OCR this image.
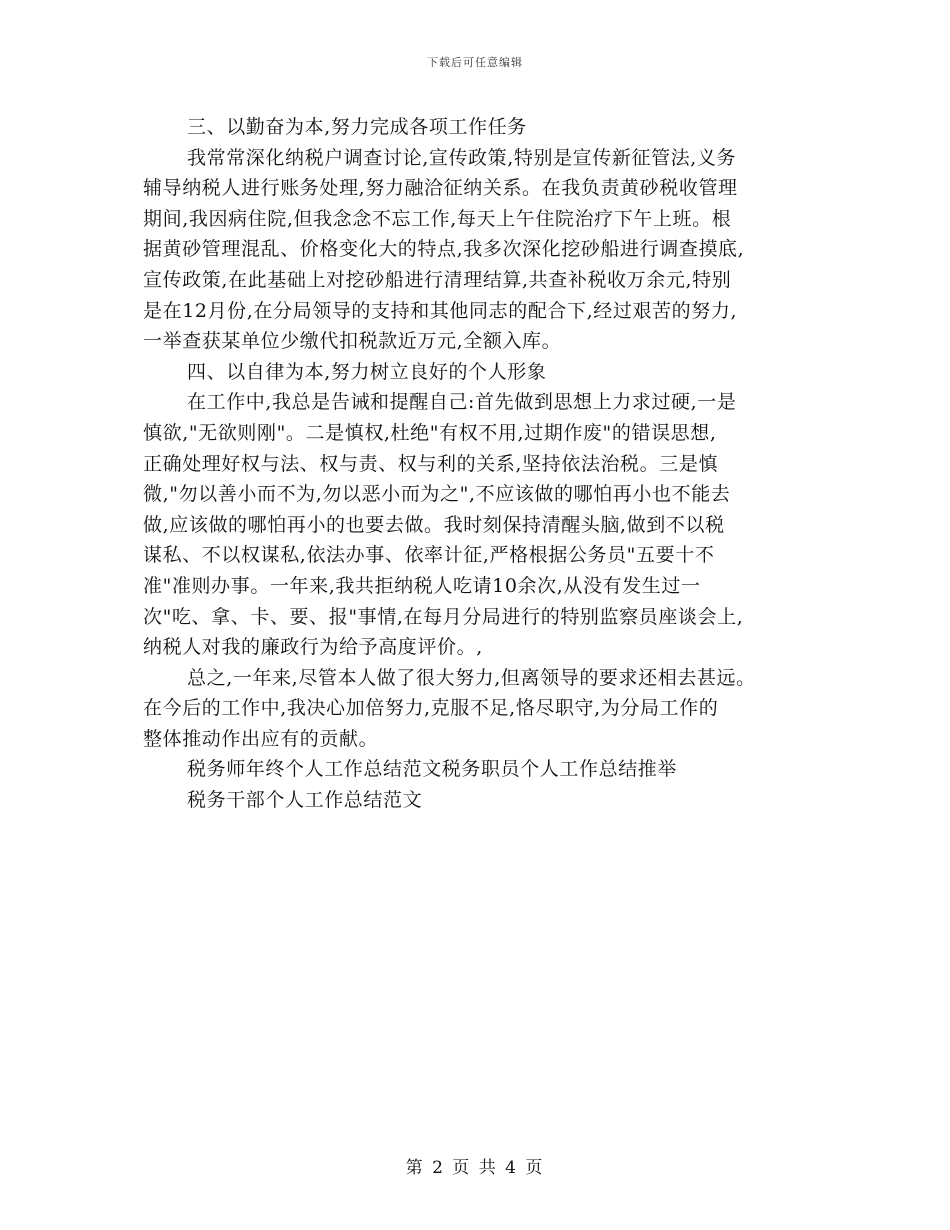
下载后可任意编辑
三、以勤奋为本,努力完成各项工作任务
我常常深化纳税户调查讨论,宣传政策,特别是宣传新征管法,义务
辅导纳税人进行账务处理,努力融洽征纳关系。在我负责黄砂税收管理
期间,我因病住院,但我念念不忘工作,每天上午住院治疗下午上班。根
据黄砂管理混乱、价格变化大的特点,我多次深化挖砂船进行调查摸底,
宣传政策,在此基础上对挖砂船进行清理结算,共查补税收万余元,特别
是在12月份,在分局领导的支持和其他同志的配合下,经过艰苦的努力,
一举查获某单位少缴代扣税款近万元,全额入库。
四、以自律为本,努力树立良好的个人形象
在工作中,我总是告诫和提醒自己:首先做到思想上力求过硬,一是
慎欲,"无欲则刚"。二是慎权,杜绝"有权不用,过期作废"的错误思想,
正确处理好权与法、权与责、权与利的关系,坚持依法治税。三是慎
微,"勿以善小而不为,勿以恶小而为之",不应该做的哪怕再小也不能去
做,应该做的哪怕再小的也要去做。我时刻保持清醒头脑,做到不以税
谋私、不以权谋私,依法办事、依率计征,严格根据公务员"五要十不
准"准则办事。一年来,我共拒纳税人吃请10余次,从没有发生过一
次"吃、拿、卡、要、报"事情,在每月分局进行的特别监察员座谈会上,
纳税人对我的廉政行为给予高度评价。,
总之,一年来,尽管本人做了很大努力,但离领导的要求还相去甚远。
在今后的工作中,我决心加倍努力,克服不足,恪尽职守,为分局工作的
整体推动作出应有的贡献。
税务师年终个人工作总结范文税务职员个人工作总结推举
税务干部个人工作总结范文
第 2 页 共 4 页
